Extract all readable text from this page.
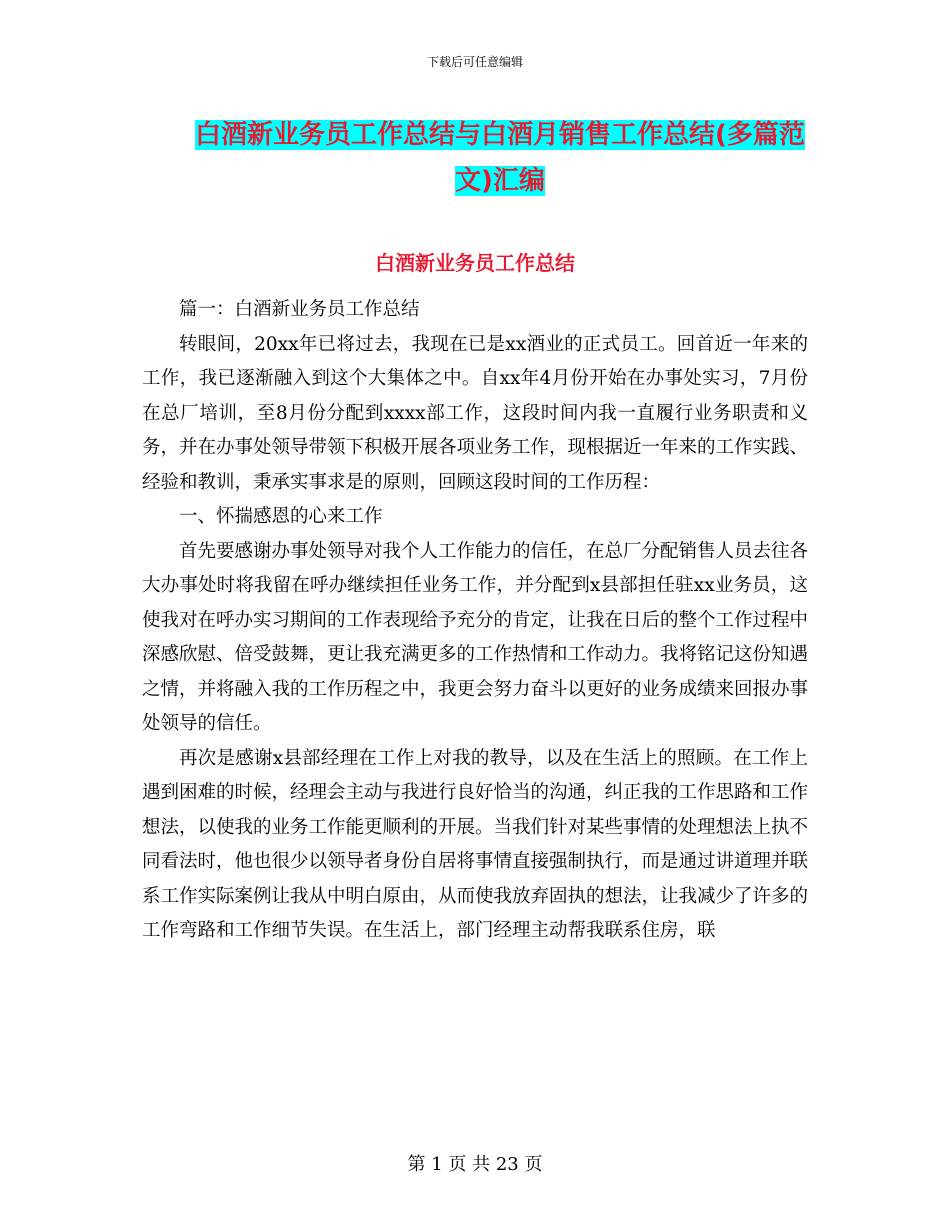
下载后可任意编辑
白酒新业务员工作总结与白酒月销售工作总结(多篇范文)汇编
白酒新业务员工作总结

篇一：白酒新业务员工作总结

转眼间，20xx年已将过去，我现在已是xx酒业的正式员工。回首近一年来的工作，我已逐渐融入到这个大集体之中。自xx年4月份开始在办事处实习，7月份在总厂培训，至8月份分配到xxxx部工作，这段时间内我一直履行业务职责和义务，并在办事处领导带领下积极开展各项业务工作，现根据近一年来的工作实践、经验和教训，秉承实事求是的原则，回顾这段时间的工作历程：

一、怀揣感恩的心来工作

首先要感谢办事处领导对我个人工作能力的信任，在总厂分配销售人员去往各大办事处时将我留在呼办继续担任业务工作，并分配到x县部担任驻xx业务员，这使我对在呼办实习期间的工作表现给予充分的肯定，让我在日后的整个工作过程中深感欣慰、倍受鼓舞，更让我充满更多的工作热情和工作动力。我将铭记这份知遇之情，并将融入我的工作历程之中，我更会努力奋斗以更好的业务成绩来回报办事处领导的信任。

再次是感谢x县部经理在工作上对我的教导，以及在生活上的照顾。在工作上遇到困难的时候，经理会主动与我进行良好恰当的沟通，纠正我的工作思路和工作想法，以使我的业务工作能更顺利的开展。当我们针对某些事情的处理想法上执不同看法时，他也很少以领导者身份自居将事情直接强制执行，而是通过讲道理并联系工作实际案例让我从中明白原由，从而使我放弃固执的想法，让我减少了许多的工作弯路和工作细节失误。在生活上，部门经理主动帮我联系住房，联

第 1 页 共 23 页
